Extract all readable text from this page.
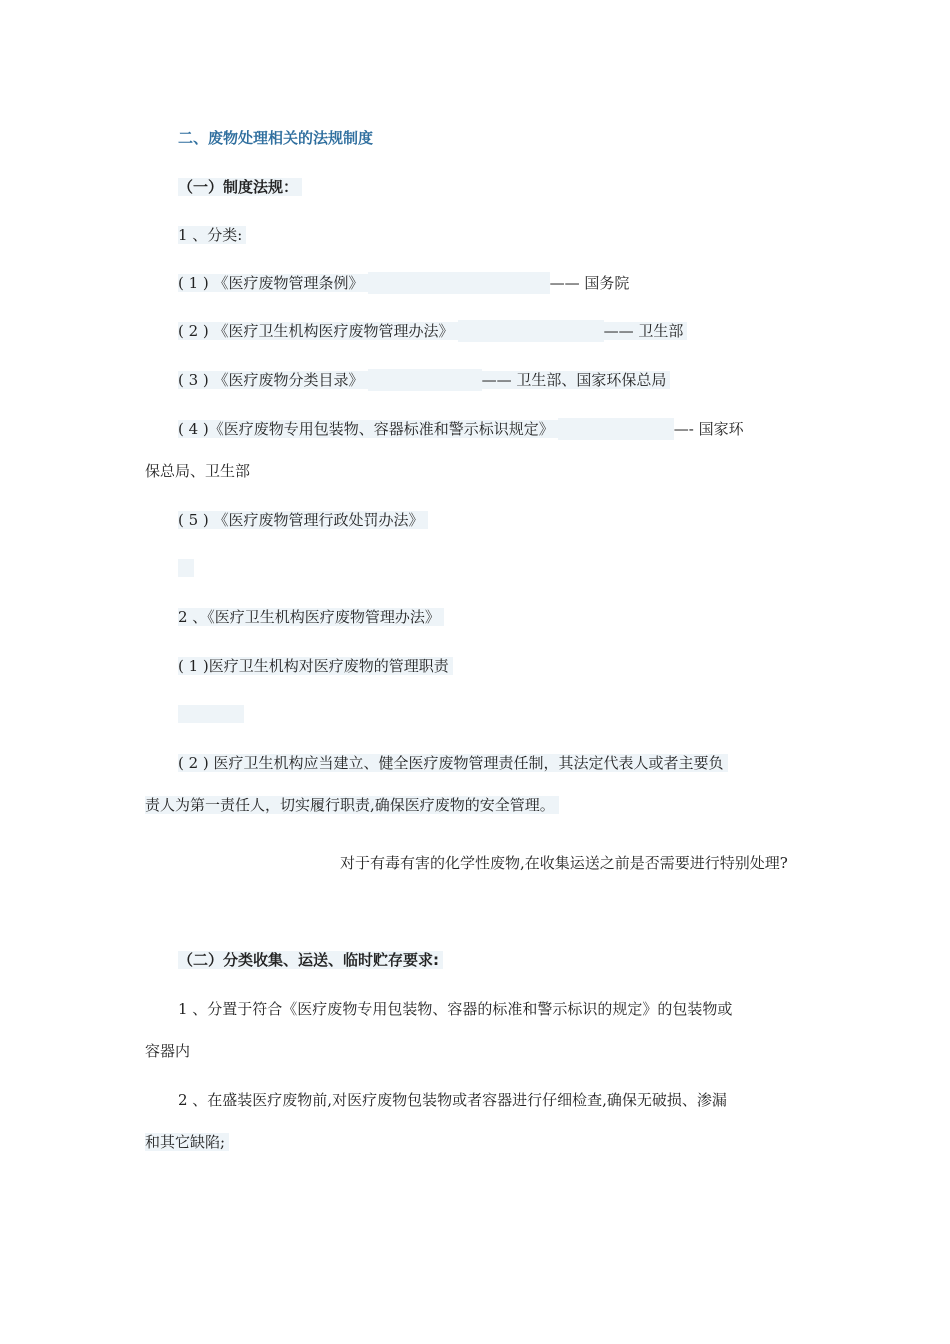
二、废物处理相关的法规制度
（一）制度法规：
1 、分类:
( 1 ) 《医疗废物管理条例》	—— 国务院
( 2 ) 《医疗卫生机构医疗废物管理办法》	—— 卫生部
( 3 ) 《医疗废物分类目录》	—— 卫生部、国家环保总局
( 4 )《医疗废物专用包装物、容器标准和警示标识规定》	—- 国家环
保总局、卫生部
( 5 ) 《医疗废物管理行政处罚办法》
2 、《医疗卫生机构医疗废物管理办法》
( 1 )医疗卫生机构对医疗废物的管理职责
( 2 ) 医疗卫生机构应当建立、健全医疗废物管理责任制，其法定代表人或者主要负
责人为第一责任人，切实履行职责,确保医疗废物的安全管理。
对于有毒有害的化学性废物,在收集运送之前是否需要进行特别处理?
（二）分类收集、运送、临时贮存要求:
1 、分置于符合《医疗废物专用包装物、容器的标准和警示标识的规定》的包装物或
容器内
2 、在盛装医疗废物前,对医疗废物包装物或者容器进行仔细检查,确保无破损、渗漏
和其它缺陷;
